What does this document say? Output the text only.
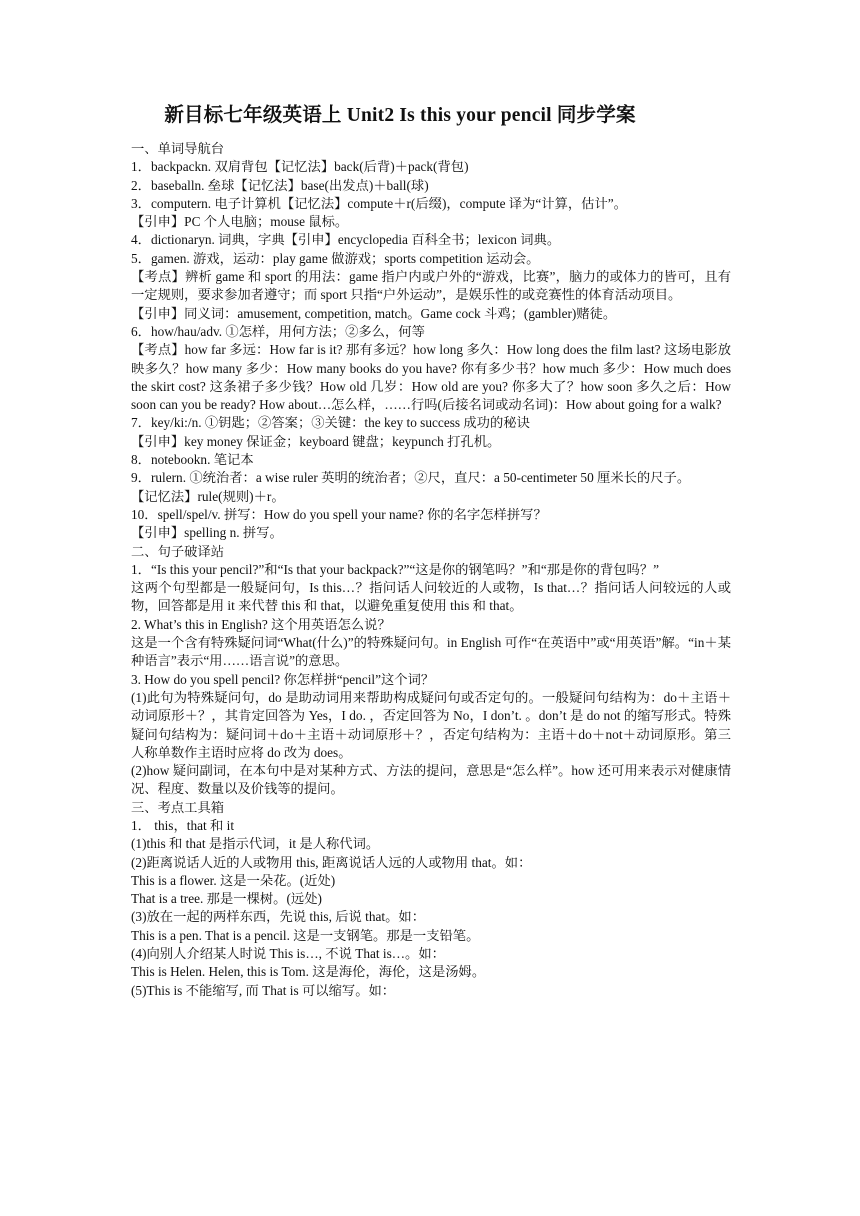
新目标七年级英语上 Unit2 Is this your pencil 同步学案

一、单词导航台

1．backpackn. 双肩背包【记忆法】back(后背)＋pack(背包)

2．baseballn. 垒球【记忆法】base(出发点)＋ball(球)

3．computern. 电子计算机【记忆法】compute＋r(后缀)，compute 译为“计算，估计”。

【引申】PC 个人电脑；mouse 鼠标。

4．dictionaryn. 词典，字典【引申】encyclopedia 百科全书；lexicon 词典。

5．gamen. 游戏，运动：play game 做游戏；sports competition 运动会。

【考点】辨析 game 和 sport 的用法：game 指户内或户外的“游戏，比赛”，脑力的或体力的皆可，且有一定规则，要求参加者遵守；而 sport 只指“户外运动”，是娱乐性的或竞赛性的体育活动项目。

【引申】同义词：amusement, competition, match。Game cock 斗鸡；(gambler)赌徒。

6．how/hau/adv. ①怎样，用何方法；②多么，何等

【考点】how far 多远：How far is it? 那有多远？how long 多久：How long does the film last? 这场电影放映多久？how many 多少：How many books do you have? 你有多少书？how much 多少：How much does the skirt cost? 这条裙子多少钱？How old 几岁：How old are you? 你多大了？how soon 多久之后：How soon can you be ready? How about…怎么样，……行吗(后接名词或动名词)：How about going for a walk?

7．key/ki:/n. ①钥匙；②答案；③关键：the key to success 成功的秘诀

【引申】key money 保证金；keyboard 键盘；keypunch 打孔机。

8．notebookn. 笔记本

9．rulern. ①统治者：a wise ruler 英明的统治者；②尺，直尺：a 50-centimeter 50 厘米长的尺子。

【记忆法】rule(规则)＋r。

10．spell/spel/v. 拼写：How do you spell your name? 你的名字怎样拼写？

【引申】spelling n. 拼写。

二、句子破译站

1．“Is this your pencil?”和“Is that your backpack?”“这是你的钢笔吗？”和“那是你的背包吗？”

这两个句型都是一般疑问句，Is this…？指问话人问较近的人或物，Is that…？指问话人问较远的人或物，回答都是用 it 来代替 this 和 that，以避免重复使用 this 和 that。

2. What’s this in English? 这个用英语怎么说？

这是一个含有特殊疑问词“What(什么)”的特殊疑问句。in English 可作“在英语中”或“用英语”解。“in＋某种语言”表示“用……语言说”的意思。

3. How do you spell pencil? 你怎样拼“pencil”这个词？

(1)此句为特殊疑问句，do 是助动词用来帮助构成疑问句或否定句的。一般疑问句结构为：do＋主语＋动词原形＋？，其肯定回答为 Yes，I do. ，否定回答为 No，I don’t. 。don’t 是 do not 的缩写形式。特殊疑问句结构为：疑问词＋do＋主语＋动词原形＋？，否定句结构为：主语＋do＋not＋动词原形。第三人称单数作主语时应将 do 改为 does。

(2)how 疑问副词，在本句中是对某种方式、方法的提问，意思是“怎么样”。how 还可用来表示对健康情况、程度、数量以及价钱等的提问。

三、考点工具箱

1． this，that 和 it

(1)this 和 that 是指示代词，it 是人称代词。

(2)距离说话人近的人或物用 this, 距离说话人远的人或物用 that。如：

This is a flower. 这是一朵花。(近处)

That is a tree. 那是一棵树。(远处)

(3)放在一起的两样东西，先说 this, 后说 that。如：

This is a pen. That is a pencil. 这是一支钢笔。那是一支铅笔。

(4)向别人介绍某人时说 This is…, 不说 That is…。如：

This is Helen. Helen, this is Tom. 这是海伦，海伦，这是汤姆。

(5)This is 不能缩写, 而 That is 可以缩写。如：
